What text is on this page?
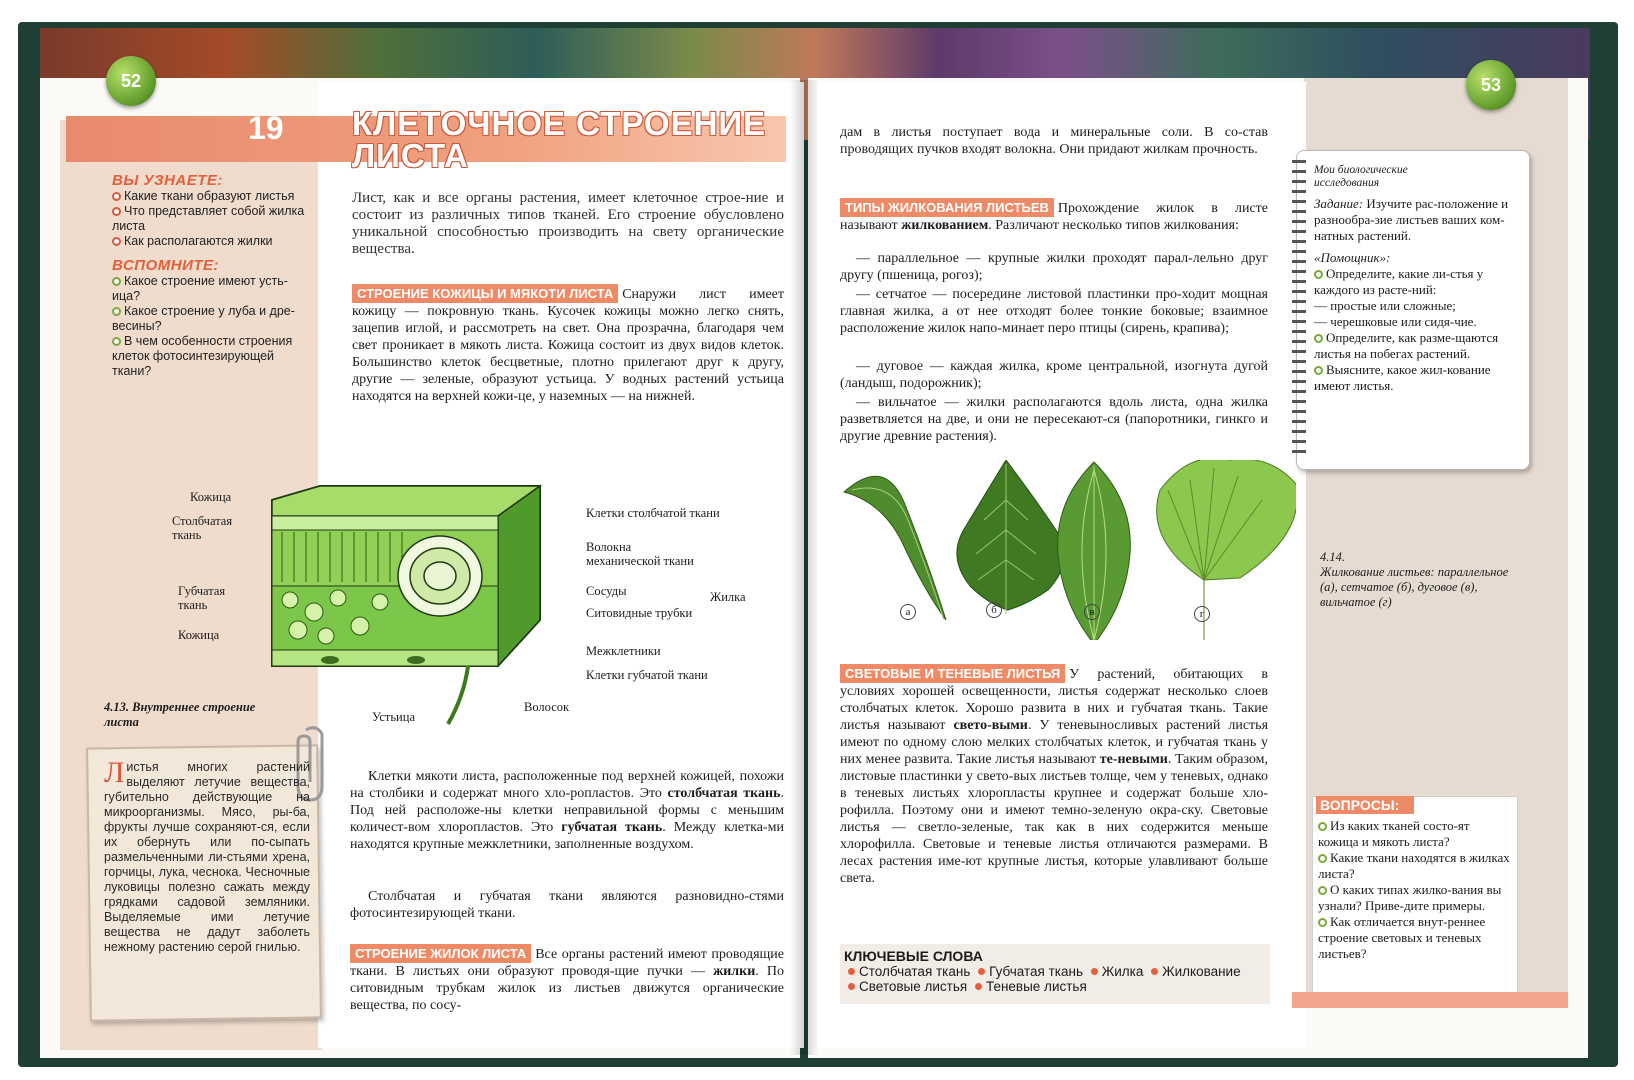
52	53
19 КЛЕТОЧНОЕ СТРОЕНИЕ
ЛИСТА
ВЫ УЗНАЕТЕ:
Какие ткани образуют листья
Что представляет собой жилка листа
Как располагаются жилки
ВСПОМНИТЕ:
Какое строение имеют усть-ица?
Какое строение у луба и дре-весины?
В чем особенности строения клеток фотосинтезирующей ткани?
Лист, как и все органы растения, имеет клеточное строе-ние и состоит из различных типов тканей. Его строение обусловлено уникальной способностью производить на свету органические вещества.
СТРОЕНИЕ КОЖИЦЫ И МЯКОТИ ЛИСТА Снаружи лист имеет кожицу — покровную ткань. Кусочек кожицы можно легко снять, зацепив иглой, и рассмотреть на свет. Она прозрачна, благодаря чем свет проникает в мякоть листа. Кожица состоит из двух видов клеток. Большинство клеток бесцветные, плотно прилегают друг к другу, другие — зеленые, образуют устьица. У водных растений устьица находятся на верхней кожи-це, у наземных — на нижней.
Кожица
Столбчатая ткань
Губчатая ткань
Кожица
Клетки столбчатой ткани
Волокна механической ткани
Сосуды
Ситовидные трубки
Межклетники
Клетки губчатой ткани
Жилка
Устьица
Волосок
4.13. Внутреннее строение листа
Клетки мякоти листа, расположенные под верхней кожицей, похожи на столбики и содержат много хло-ропластов. Это столбчатая ткань. Под ней расположе-ны клетки неправильной формы с меньшим количест-вом хлоропластов. Это губчатая ткань. Между клетка-ми находятся крупные межклетники, заполненные воздухом.
Столбчатая и губчатая ткани являются разновидно-стями фотосинтезирующей ткани.
СТРОЕНИЕ ЖИЛОК ЛИСТА Все органы растений имеют проводящие ткани. В листьях они образуют проводя-щие пучки — жилки. По ситовидным трубкам жилок из листьев движутся органические вещества, по сосу-
Листья многих растений выделяют летучие вещества, губительно действующие на микроорганизмы. Мясо, ры-ба, фрукты лучше сохраняют-ся, если их обернуть или по-сыпать размельченными ли-стьями хрена, горчицы, лука, чеснока. Чесночные луковицы полезно сажать между грядками садовой земляники. Выделяемые ими летучие вещества не дадут заболеть нежному растению серой гнилью.
дам в листья поступает вода и минеральные соли. В со-став проводящих пучков входят волокна. Они придают жилкам прочность.
ТИПЫ ЖИЛКОВАНИЯ ЛИСТЬЕВ Прохождение жилок в листе называют жилкованием. Различают несколько типов жилкования:
— параллельное — крупные жилки проходят парал-лельно друг другу (пшеница, рогоз);
— сетчатое — посередине листовой пластинки про-ходит мощная главная жилка, а от нее отходят более тонкие боковые; взаимное расположение жилок напо-минает перо птицы (сирень, крапива);
— дуговое — каждая жилка, кроме центральной, изогнута дугой (ландыш, подорожник);
— вильчатое — жилки располагаются вдоль листа, одна жилка разветвляется на две, и они не пересекают-ся (папоротники, гинкго и другие древние растения).
а	б	в	г
СВЕТОВЫЕ И ТЕНЕВЫЕ ЛИСТЬЯ У растений, обитающих в условиях хорошей освещенности, листья содержат несколько слоев столбчатых клеток. Хорошо развита в них и губчатая ткань. Такие листья называют свето-выми. У теневыносливых растений листья имеют по одному слою мелких столбчатых клеток, и губчатая ткань у них менее развита. Такие листья называют те-невыми. Таким образом, листовые пластинки у свето-вых листьев толще, чем у теневых, однако в теневых листьях хлоропласты крупнее и содержат больше хло-рофилла. Поэтому они и имеют темно-зеленую окра-ску. Световые листья — светло-зеленые, так как в них содержится меньше хлорофилла. Световые и теневые листья отличаются размерами. В лесах растения име-ют крупные листья, которые улавливают больше света.
КЛЮЧЕВЫЕ СЛОВА
Столбчатая ткань Губчатая ткань Жилка Жилкование
Световые листья Теневые листья
Мои биологические исследования
Задание: Изучите рас-положение и разнообра-зие листьев ваших ком-натных растений.
«Помощник»:
Определите, какие ли-стья у каждого из расте-ний:
— простые или сложные;
— черешковые или сидя-чие.
Определите, как разме-щаются листья на побегах растений.
Выясните, какое жил-кование имеют листья.
4.14.
Жилкование листьев: параллельное (а), сетчатое (б), дуговое (в), вильчатое (г)
ВОПРОСЫ:
Из каких тканей состо-ят кожица и мякоть листа?
Какие ткани находятся в жилках листа?
О каких типах жилко-вания вы узнали? Приве-дите примеры.
Как отличается внут-реннее строение световых и теневых листьев?
